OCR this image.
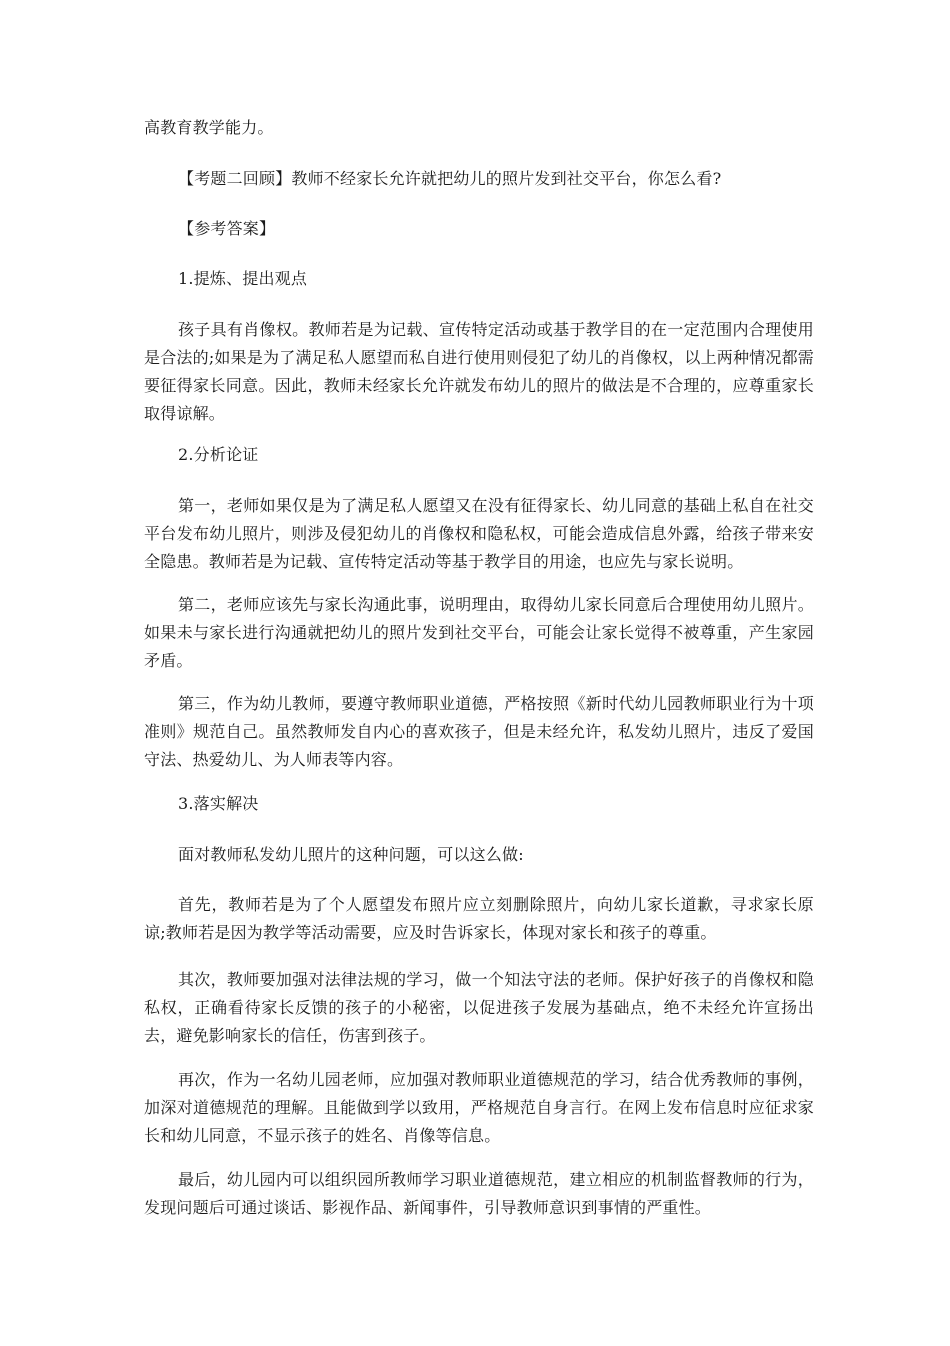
高教育教学能力。

【考题二回顾】教师不经家长允许就把幼儿的照片发到社交平台，你怎么看?

【参考答案】

1.提炼、提出观点

孩子具有肖像权。教师若是为记载、宣传特定活动或基于教学目的在一定范围内合理使用是合法的;如果是为了满足私人愿望而私自进行使用则侵犯了幼儿的肖像权，以上两种情况都需要征得家长同意。因此，教师未经家长允许就发布幼儿的照片的做法是不合理的，应尊重家长取得谅解。

2.分析论证

第一，老师如果仅是为了满足私人愿望又在没有征得家长、幼儿同意的基础上私自在社交平台发布幼儿照片，则涉及侵犯幼儿的肖像权和隐私权，可能会造成信息外露，给孩子带来安全隐患。教师若是为记载、宣传特定活动等基于教学目的用途，也应先与家长说明。

第二，老师应该先与家长沟通此事，说明理由，取得幼儿家长同意后合理使用幼儿照片。如果未与家长进行沟通就把幼儿的照片发到社交平台，可能会让家长觉得不被尊重，产生家园矛盾。

第三，作为幼儿教师，要遵守教师职业道德，严格按照《新时代幼儿园教师职业行为十项准则》规范自己。虽然教师发自内心的喜欢孩子，但是未经允许，私发幼儿照片，违反了爱国守法、热爱幼儿、为人师表等内容。

3.落实解决

面对教师私发幼儿照片的这种问题，可以这么做:

首先，教师若是为了个人愿望发布照片应立刻删除照片，向幼儿家长道歉，寻求家长原谅;教师若是因为教学等活动需要，应及时告诉家长，体现对家长和孩子的尊重。

其次，教师要加强对法律法规的学习，做一个知法守法的老师。保护好孩子的肖像权和隐私权，正确看待家长反馈的孩子的小秘密，以促进孩子发展为基础点，绝不未经允许宣扬出去，避免影响家长的信任，伤害到孩子。

再次，作为一名幼儿园老师，应加强对教师职业道德规范的学习，结合优秀教师的事例，加深对道德规范的理解。且能做到学以致用，严格规范自身言行。在网上发布信息时应征求家长和幼儿同意，不显示孩子的姓名、肖像等信息。

最后，幼儿园内可以组织园所教师学习职业道德规范，建立相应的机制监督教师的行为，发现问题后可通过谈话、影视作品、新闻事件，引导教师意识到事情的严重性。
